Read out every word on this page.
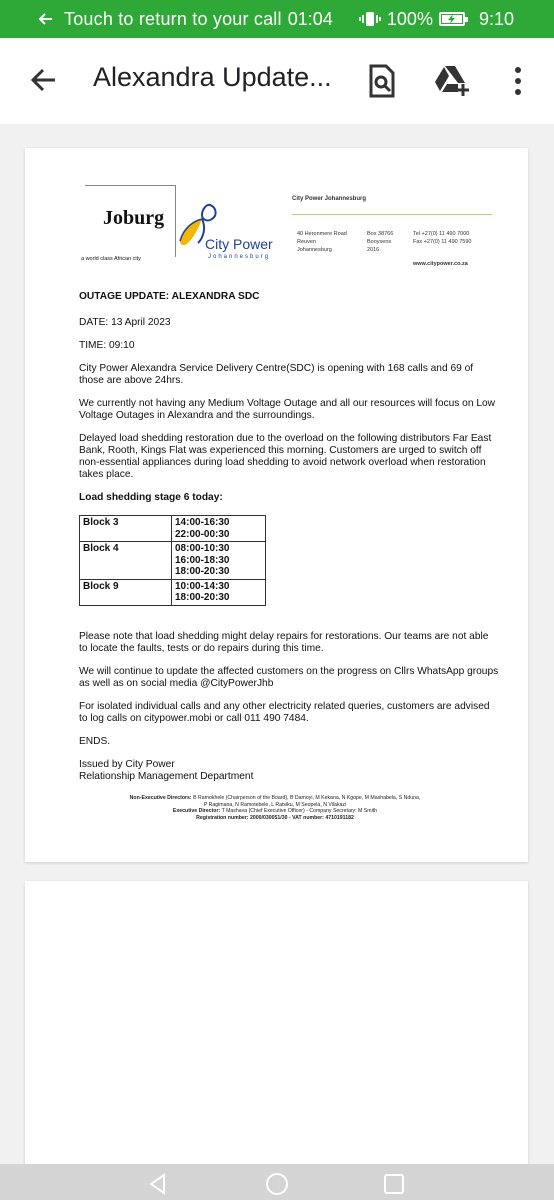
Touch to return to your call 01:04	100%	9:10
Alexandra Update...
Joburg
a world class African city
City Power
Johannesburg
City Power Johannesburg
40 Heronmere Road
Reuven
Johannesburg
Box 38766
Booysens
2016
Tel +27(0) 11 490 7000
Fax +27(0) 11 490 7590
www.citypower.co.za

OUTAGE UPDATE: ALEXANDRA SDC

DATE: 13 April 2023

TIME: 09:10

City Power Alexandra Service Delivery Centre(SDC) is opening with 168 calls and 69 of those are above 24hrs.

We currently not having any Medium Voltage Outage and all our resources will focus on Low Voltage Outages in Alexandra and the surroundings.

Delayed load shedding restoration due to the overload on the following distributors Far East Bank, Rooth, Kings Flat was experienced this morning. Customers are urged to switch off non-essential appliances during load shedding to avoid network overload when restoration takes place.

Load shedding stage 6 today:

Block 3	14:00-16:30
22:00-00:30

Block 4	08:00-10:30
16:00-18:30
18:00-20:30

Block 9	10:00-14:30
18:00-20:30

Please note that load shedding might delay repairs for restorations. Our teams are not able to locate the faults, tests or do repairs during this time.

We will continue to update the affected customers on the progress on Cllrs WhatsApp groups as well as on social media @CityPowerJhb

For isolated individual calls and any other electricity related queries, customers are advised to log calls on citypower.mobi or call 011 490 7484.

ENDS.

Issued by City Power
Relationship Management Department

Non-Executive Directors: B Ramokhele (Chairperson of the Board), B Damoyi, M Kekana, N Kgope, M Mashabela, S Nduna,
P Ragimana, N Ramotebele, L Ratsiku, M Seopela, N Vilakazi
Executive Director: T Mashava (Chief Executive Officer) - Company Secretary: M Smith
Registration number: 2000/030051/30 - VAT number: 4710191182
